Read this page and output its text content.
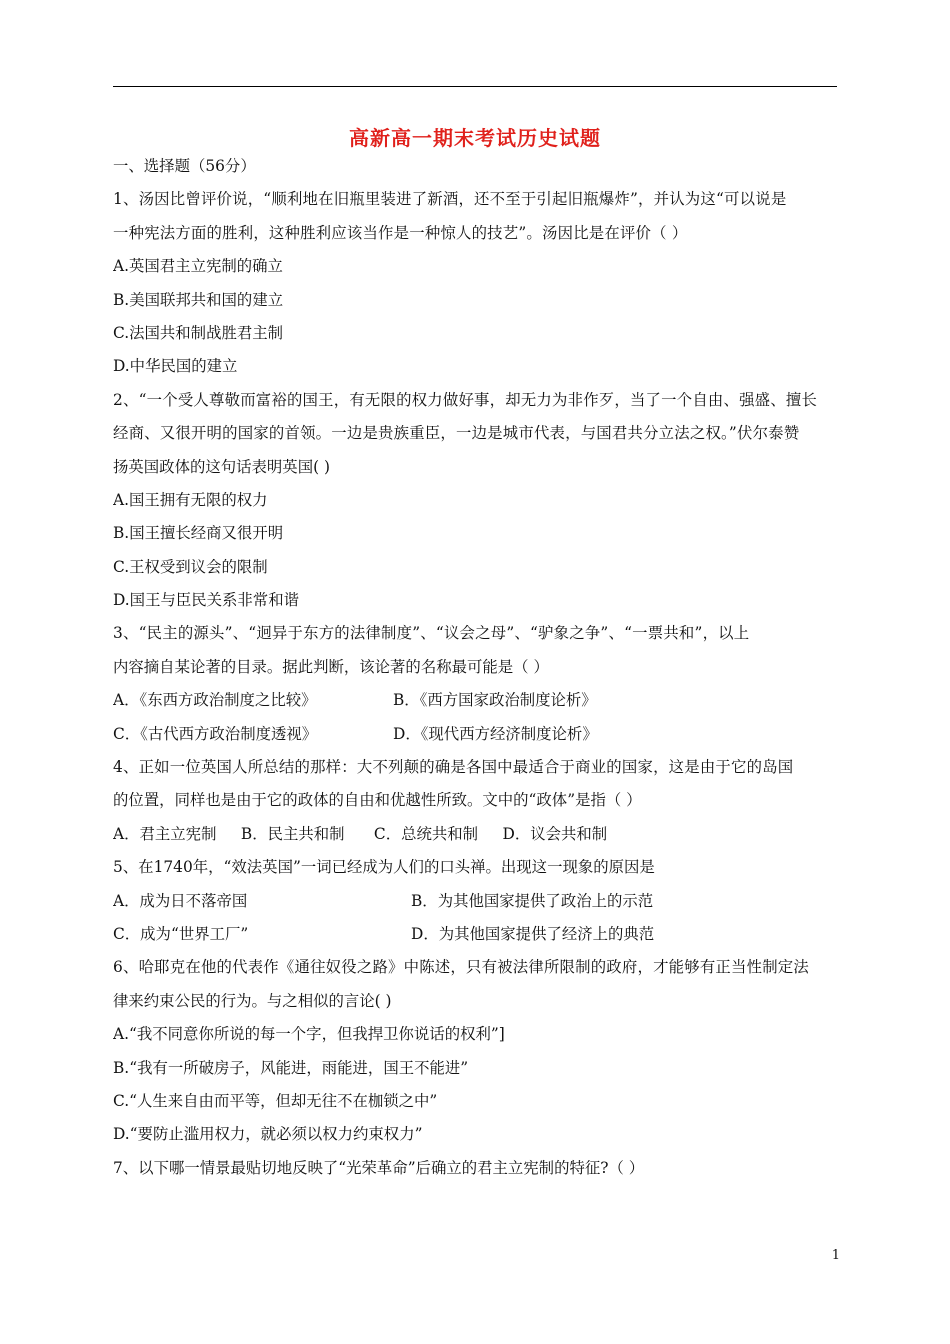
高新高一期末考试历史试题
一、选择题（56分）
1、汤因比曾评价说，“顺利地在旧瓶里装进了新酒，还不至于引起旧瓶爆炸”，并认为这“可以说是
一种宪法方面的胜利，这种胜利应该当作是一种惊人的技艺”。汤因比是在评价（ ）
A.英国君主立宪制的确立
B.美国联邦共和国的建立
C.法国共和制战胜君主制
D.中华民国的建立
2、“一个受人尊敬而富裕的国王，有无限的权力做好事，却无力为非作歹，当了一个自由、强盛、擅长
经商、又很开明的国家的首领。一边是贵族重臣，一边是城市代表，与国君共分立法之权。”伏尔泰赞
扬英国政体的这句话表明英国( )
A.国王拥有无限的权力
B.国王擅长经商又很开明
C.王权受到议会的限制
D.国王与臣民关系非常和谐
3、“民主的源头”、“迥异于东方的法律制度”、“议会之母”、“驴象之争”、“一票共和”，以上
内容摘自某论著的目录。据此判断，该论著的名称最可能是（ ）
A．《东西方政治制度之比较》	B．《西方国家政治制度论析》
C．《古代西方政治制度透视》	D．《现代西方经济制度论析》
4、正如一位英国人所总结的那样：大不列颠的确是各国中最适合于商业的国家，这是由于它的岛国
的位置，同样也是由于它的政体的自由和优越性所致。文中的“政体”是指（ ）
A．君主立宪制     B．民主共和制      C．总统共和制     D．议会共和制
5、在1740年，“效法英国”一词已经成为人们的口头禅。出现这一现象的原因是
A．成为日不落帝国	B．为其他国家提供了政治上的示范
C．成为“世界工厂”	D．为其他国家提供了经济上的典范
6、哈耶克在他的代表作《通往奴役之路》中陈述，只有被法律所限制的政府，才能够有正当性制定法
律来约束公民的行为。与之相似的言论( )
A.“我不同意你所说的每一个字，但我捍卫你说话的权利”]
B.“我有一所破房子，风能进，雨能进，国王不能进”
C.“人生来自由而平等，但却无往不在枷锁之中”
D.“要防止滥用权力，就必须以权力约束权力”
7、以下哪一情景最贴切地反映了“光荣革命”后确立的君主立宪制的特征?（ ）
1
